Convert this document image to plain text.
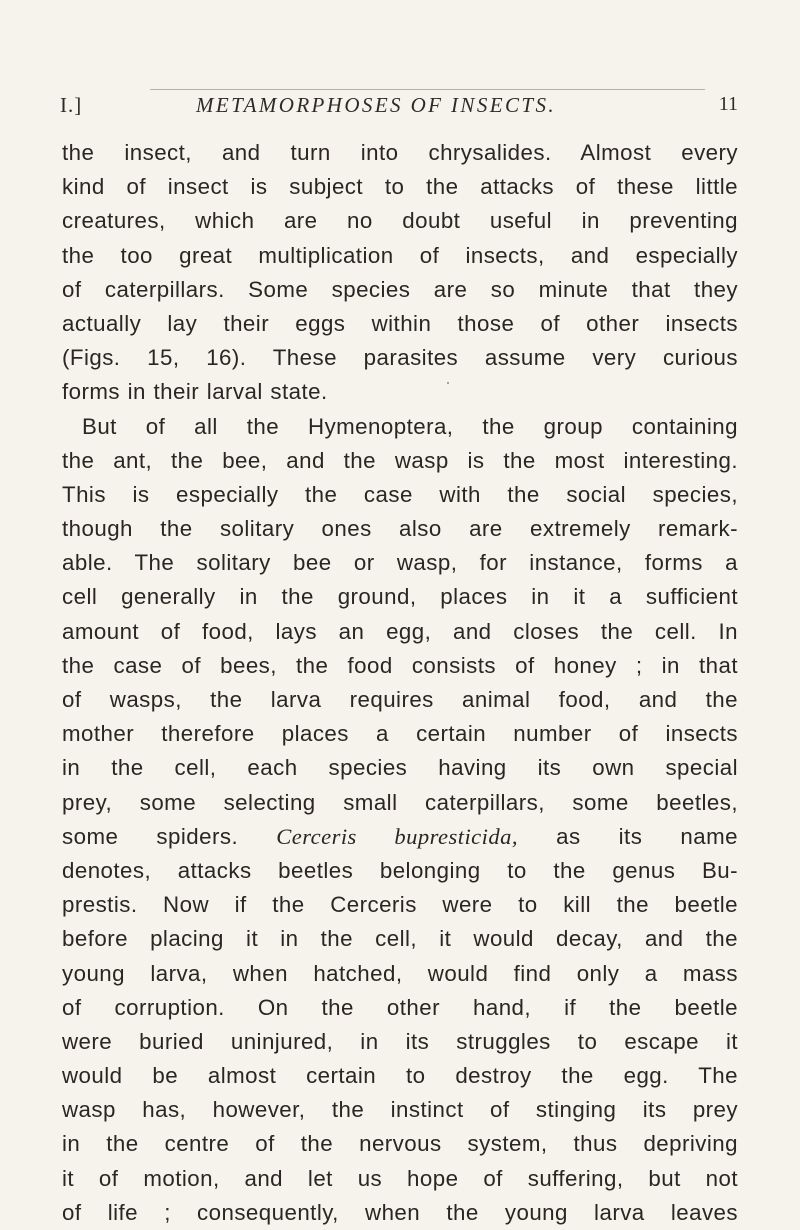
I.]	METAMORPHOSES OF INSECTS.	11

the insect, and turn into chrysalides. Almost every
kind of insect is subject to the attacks of these little
creatures, which are no doubt useful in preventing
the too great multiplication of insects, and especially
of caterpillars. Some species are so minute that they
actually lay their eggs within those of other insects
(Figs. 15, 16). These parasites assume very curious
forms in their larval state.
But of all the Hymenoptera, the group containing
the ant, the bee, and the wasp is the most interesting.
This is especially the case with the social species,
though the solitary ones also are extremely remark-
able. The solitary bee or wasp, for instance, forms a
cell generally in the ground, places in it a sufficient
amount of food, lays an egg, and closes the cell. In
the case of bees, the food consists of honey ; in that
of wasps, the larva requires animal food, and the
mother therefore places a certain number of insects
in the cell, each species having its own special
prey, some selecting small caterpillars, some beetles,
some spiders. Cerceris bupresticida, as its name
denotes, attacks beetles belonging to the genus Bu-
prestis. Now if the Cerceris were to kill the beetle
before placing it in the cell, it would decay, and the
young larva, when hatched, would find only a mass
of corruption. On the other hand, if the beetle
were buried uninjured, in its struggles to escape it
would be almost certain to destroy the egg. The
wasp has, however, the instinct of stinging its prey
in the centre of the nervous system, thus depriving
it of motion, and let us hope of suffering, but not
of life ; consequently, when the young larva leaves
